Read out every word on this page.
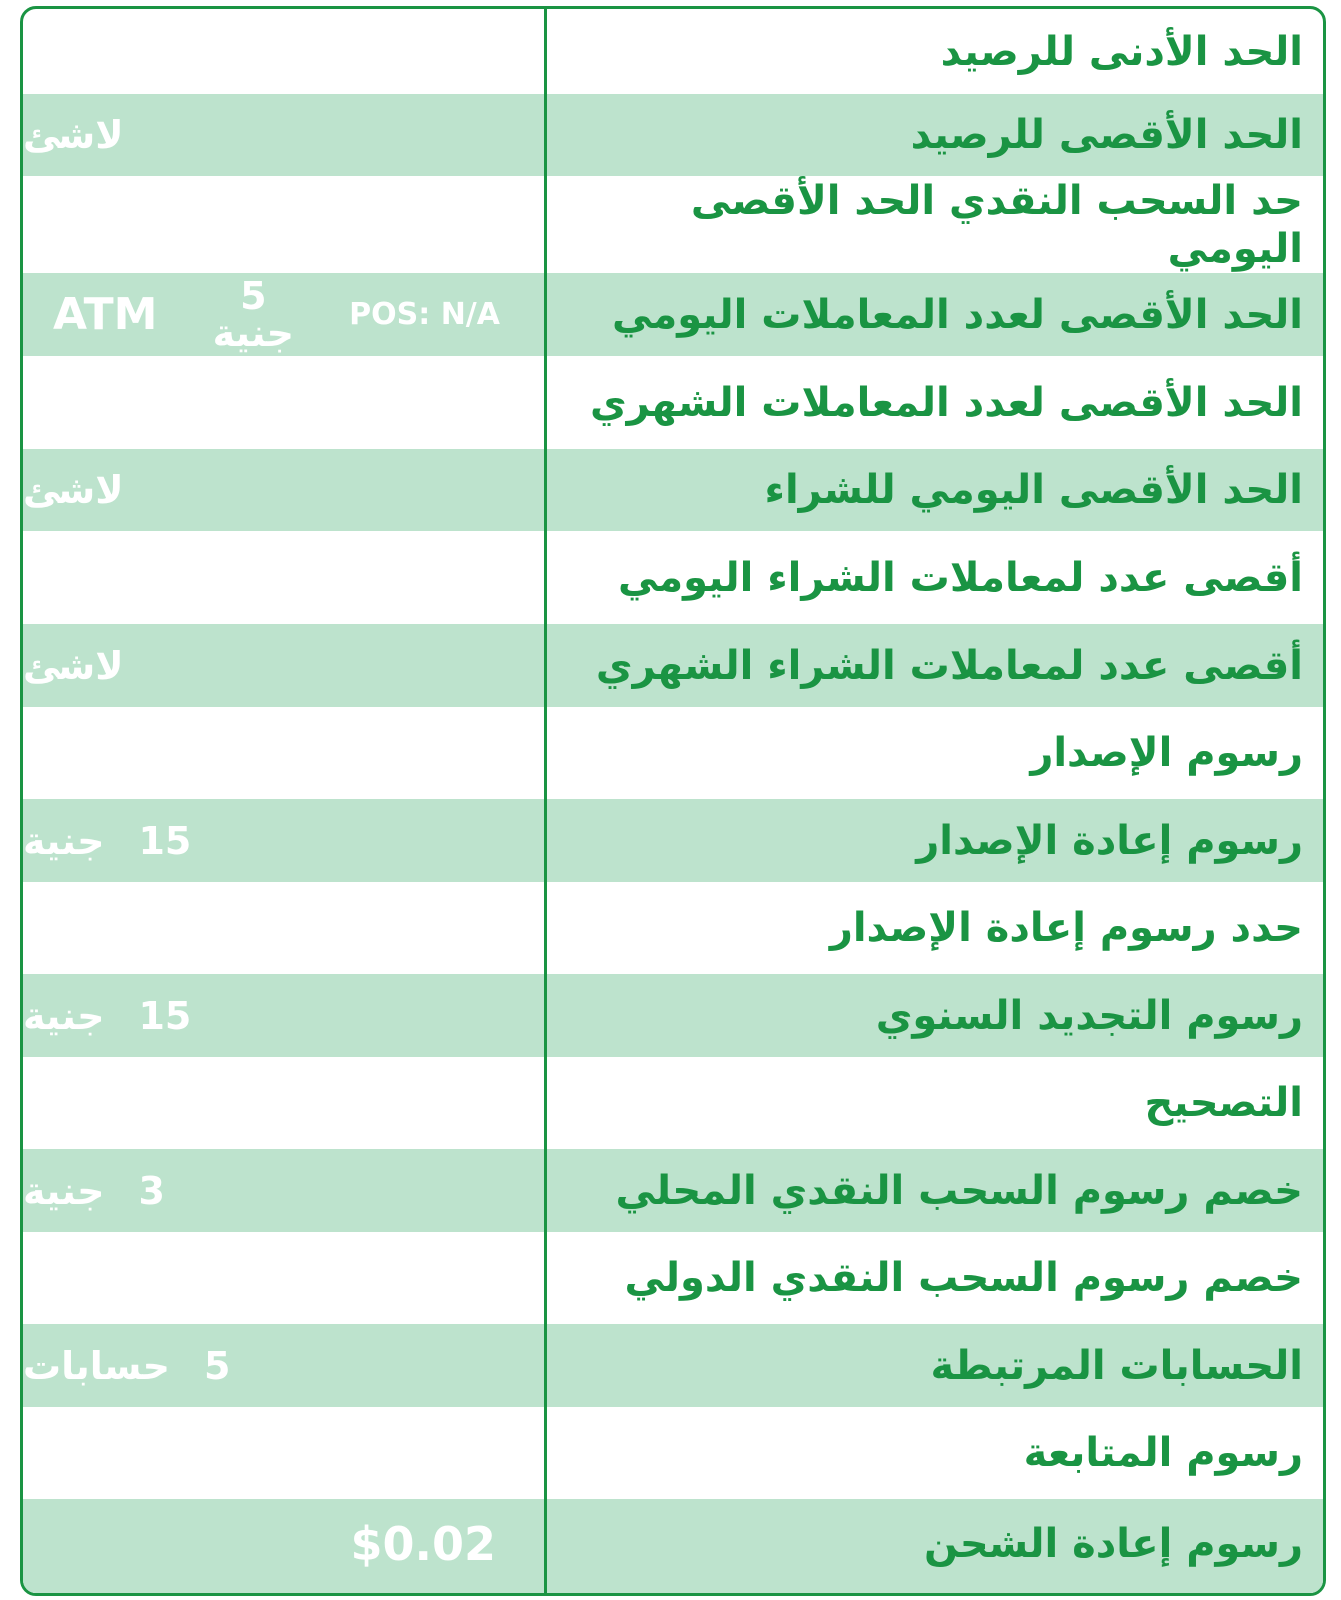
الحد الأدنى للرصيد
الحد الأقصى للرصيد
لاشئ
حد السحب النقدي الحد الأقصى اليومي
الحد الأقصى لعدد المعاملات اليومي
ATM 5
جنية POS: N/A
الحد الأقصى لعدد المعاملات الشهري
الحد الأقصى اليومي للشراء
لاشئ
أقصى عدد لمعاملات الشراء اليومي
أقصى عدد لمعاملات الشراء الشهري
لاشئ
رسوم الإصدار
رسوم إعادة الإصدار
15
جنية
حدد رسوم إعادة الإصدار
رسوم التجديد السنوي
15
جنية
التصحيح
خصم رسوم السحب النقدي المحلي
3
جنية
خصم رسوم السحب النقدي الدولي
الحسابات المرتبطة
5
حسابات
رسوم المتابعة
رسوم إعادة الشحن
$0.02
